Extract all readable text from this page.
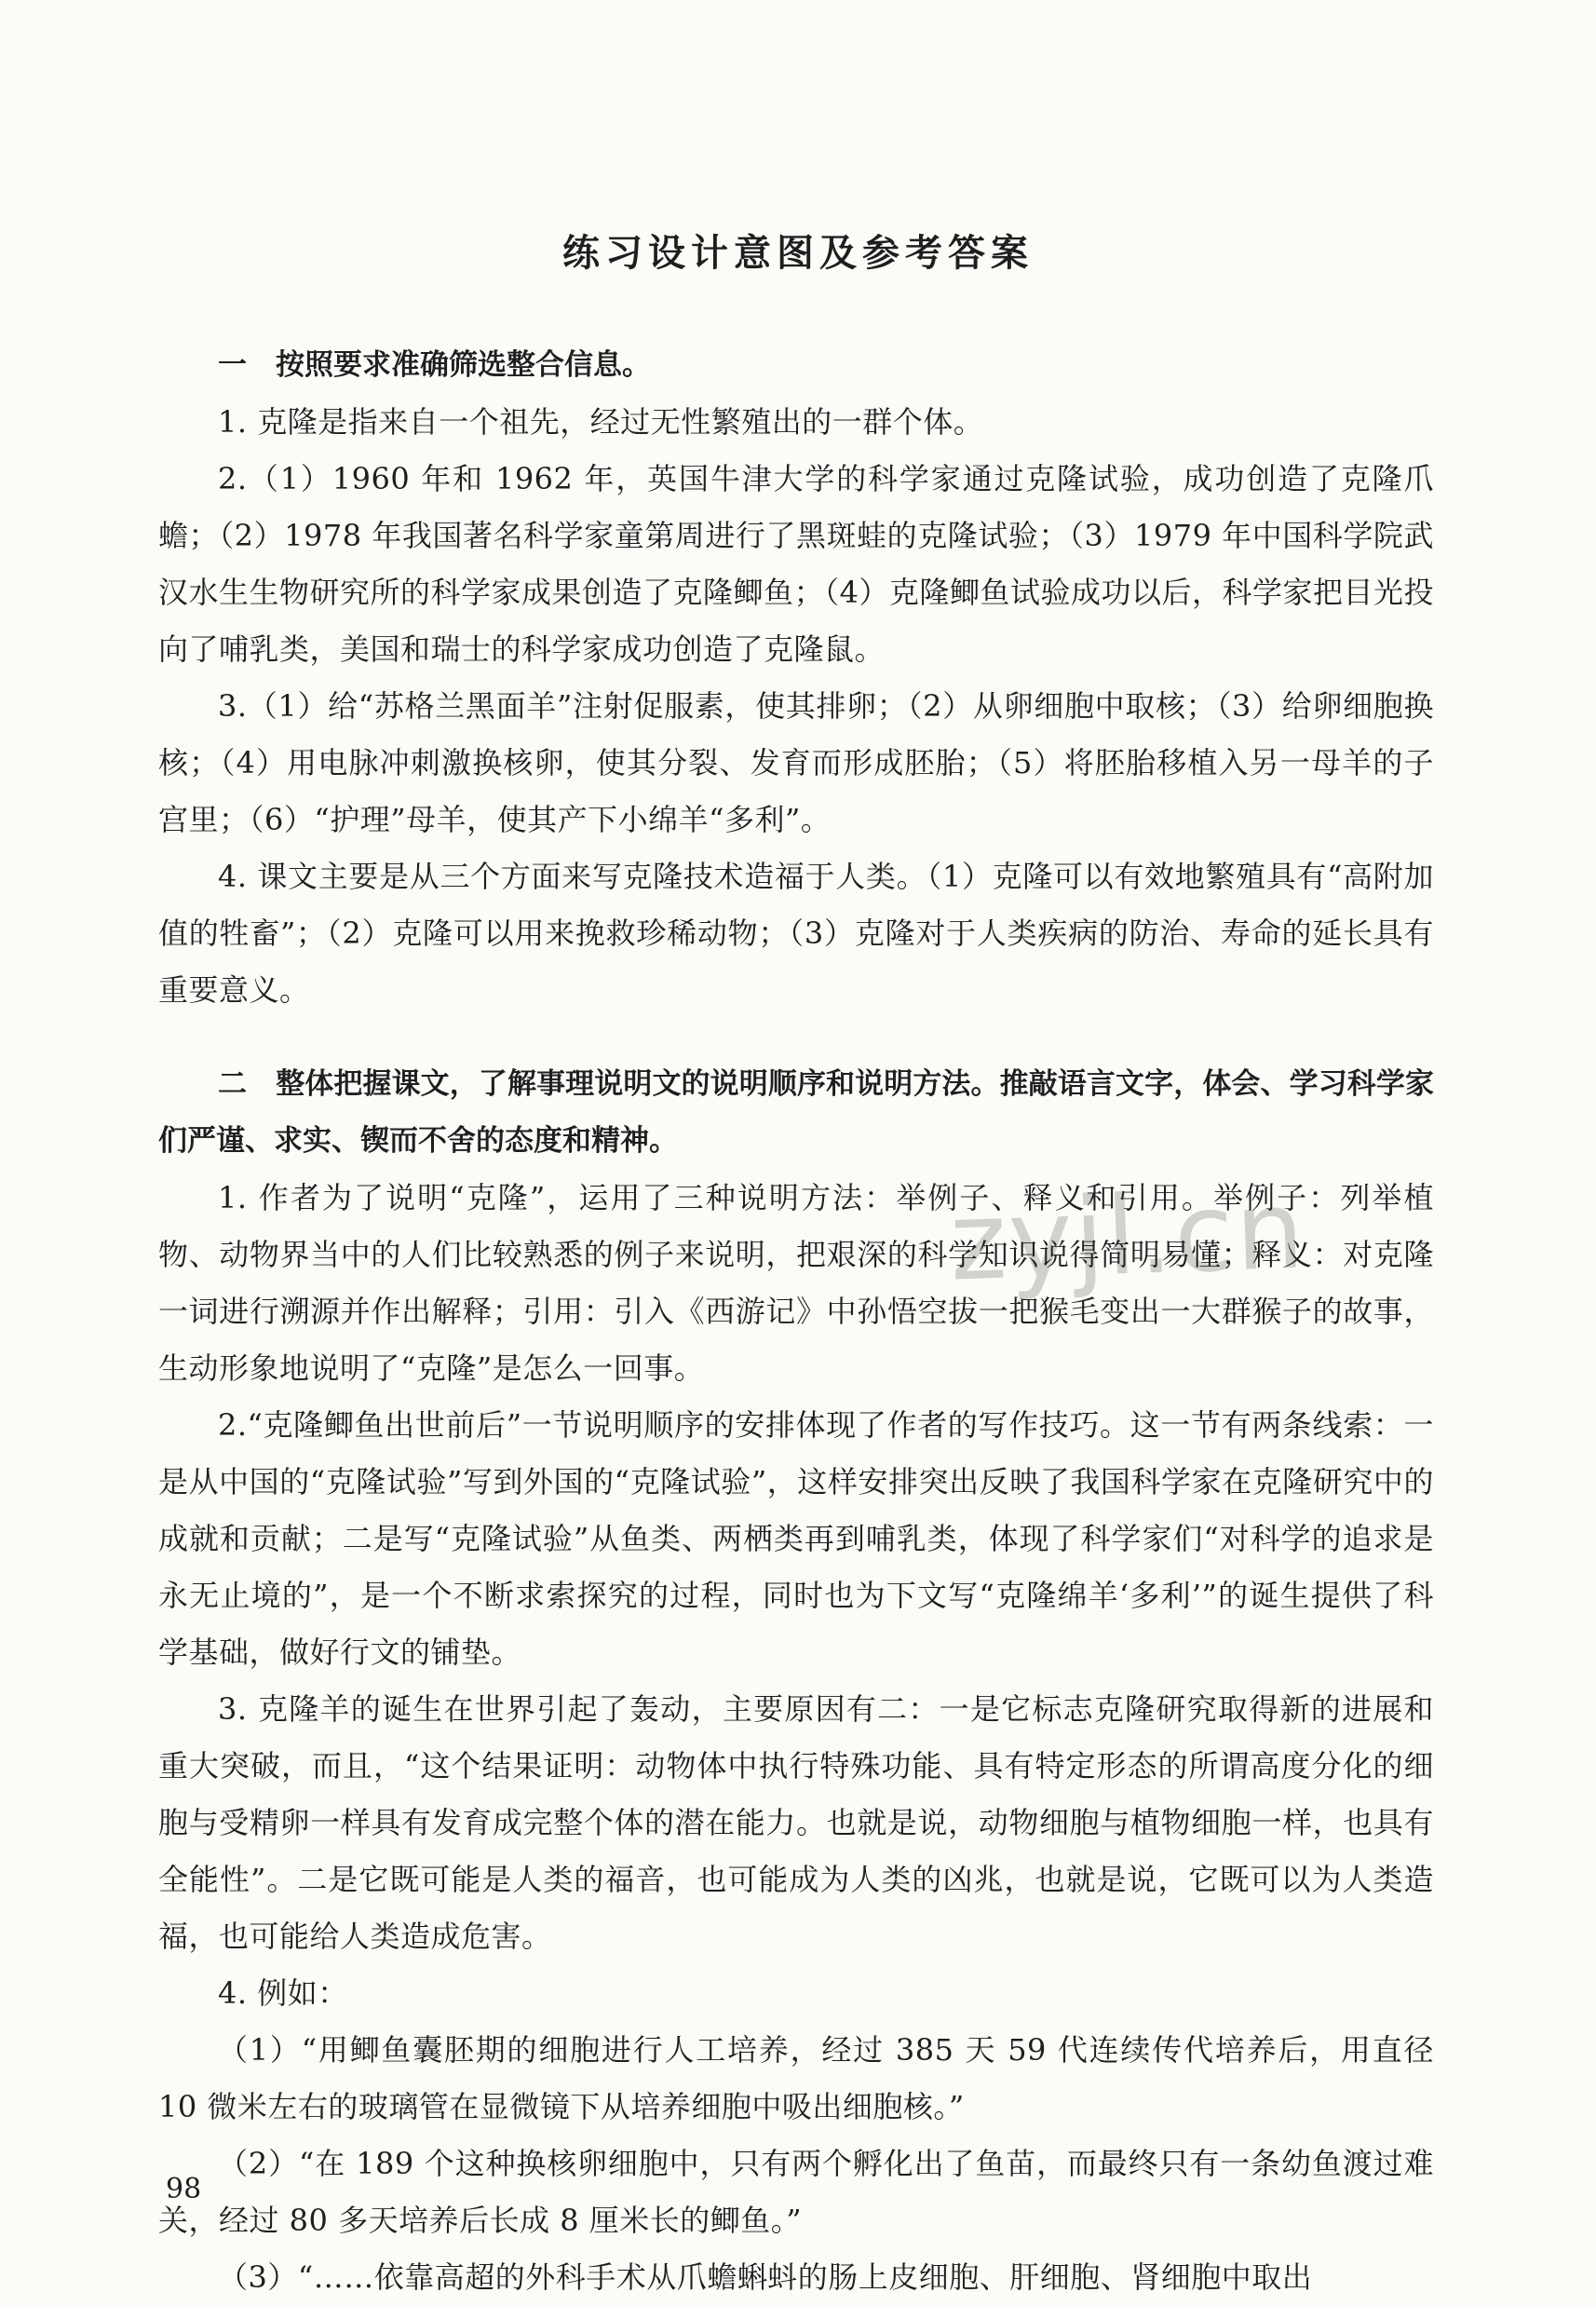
练习设计意图及参考答案

一　按照要求准确筛选整合信息。

1. 克隆是指来自一个祖先，经过无性繁殖出的一群个体。

2.（1）1960 年和 1962 年，英国牛津大学的科学家通过克隆试验，成功创造了克隆爪蟾；（2）1978 年我国著名科学家童第周进行了黑斑蛙的克隆试验；（3）1979 年中国科学院武汉水生生物研究所的科学家成果创造了克隆鲫鱼；（4）克隆鲫鱼试验成功以后，科学家把目光投向了哺乳类，美国和瑞士的科学家成功创造了克隆鼠。

3.（1）给“苏格兰黑面羊”注射促服素，使其排卵；（2）从卵细胞中取核；（3）给卵细胞换核；（4）用电脉冲刺激换核卵，使其分裂、发育而形成胚胎；（5）将胚胎移植入另一母羊的子宫里；（6）“护理”母羊，使其产下小绵羊“多利”。

4. 课文主要是从三个方面来写克隆技术造福于人类。（1）克隆可以有效地繁殖具有“高附加值的牲畜”；（2）克隆可以用来挽救珍稀动物；（3）克隆对于人类疾病的防治、寿命的延长具有重要意义。

二　整体把握课文，了解事理说明文的说明顺序和说明方法。推敲语言文字，体会、学习科学家们严谨、求实、锲而不舍的态度和精神。

1. 作者为了说明“克隆”，运用了三种说明方法：举例子、释义和引用。举例子：列举植物、动物界当中的人们比较熟悉的例子来说明，把艰深的科学知识说得简明易懂；释义：对克隆一词进行溯源并作出解释；引用：引入《西游记》中孙悟空拔一把猴毛变出一大群猴子的故事，生动形象地说明了“克隆”是怎么一回事。

2.“克隆鲫鱼出世前后”一节说明顺序的安排体现了作者的写作技巧。这一节有两条线索：一是从中国的“克隆试验”写到外国的“克隆试验”，这样安排突出反映了我国科学家在克隆研究中的成就和贡献；二是写“克隆试验”从鱼类、两栖类再到哺乳类，体现了科学家们“对科学的追求是永无止境的”，是一个不断求索探究的过程，同时也为下文写“克隆绵羊‘多利’”的诞生提供了科学基础，做好行文的铺垫。

3. 克隆羊的诞生在世界引起了轰动，主要原因有二：一是它标志克隆研究取得新的进展和重大突破，而且，“这个结果证明：动物体中执行特殊功能、具有特定形态的所谓高度分化的细胞与受精卵一样具有发育成完整个体的潜在能力。也就是说，动物细胞与植物细胞一样，也具有全能性”。二是它既可能是人类的福音，也可能成为人类的凶兆，也就是说，它既可以为人类造福，也可能给人类造成危害。

4. 例如：

（1）“用鲫鱼囊胚期的细胞进行人工培养，经过 385 天 59 代连续传代培养后，用直径 10 微米左右的玻璃管在显微镜下从培养细胞中吸出细胞核。”

（2）“在 189 个这种换核卵细胞中，只有两个孵化出了鱼苗，而最终只有一条幼鱼渡过难关，经过 80 多天培养后长成 8 厘米长的鲫鱼。”

（3）“……依靠高超的外科手术从爪蟾蝌蚪的肠上皮细胞、肝细胞、肾细胞中取出

zyjl.cn

98
